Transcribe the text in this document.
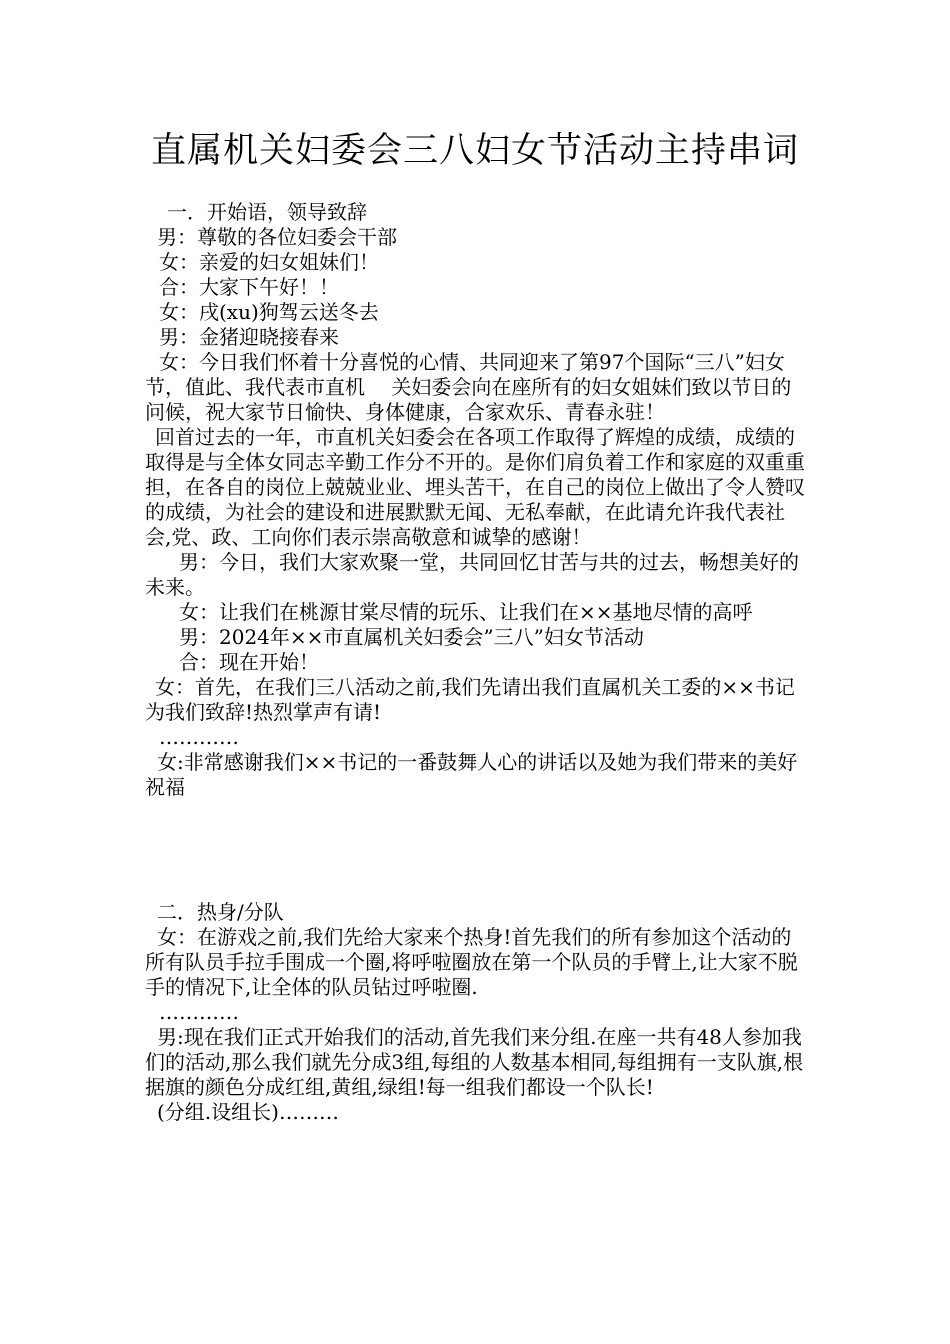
直属机关妇委会三八妇女节活动主持串词

一．开始语，领导致辞

男：尊敬的各位妇委会干部

女：亲爱的妇女姐妹们！

合：大家下午好！！

女：戌(xu)狗驾云送冬去

男：金猪迎晓接春来

女：今日我们怀着十分喜悦的心情、共同迎来了第97个国际“三八”妇女节，值此、我代表市直机　 关妇委会向在座所有的妇女姐妹们致以节日的问候，祝大家节日愉快、身体健康，合家欢乐、青春永驻！

回首过去的一年，市直机关妇委会在各项工作取得了辉煌的成绩，成绩的取得是与全体女同志辛勤工作分不开的。是你们肩负着工作和家庭的双重重担，在各自的岗位上兢兢业业、埋头苦干，在自己的岗位上做出了令人赞叹的成绩，为社会的建设和进展默默无闻、无私奉献，在此请允许我代表社会,党、政、工向你们表示崇高敬意和诚挚的感谢！

男：今日，我们大家欢聚一堂，共同回忆甘苦与共的过去，畅想美好的未来。

女：让我们在桃源甘棠尽情的玩乐、让我们在××基地尽情的高呼

男：2024年××市直属机关妇委会”三八”妇女节活动

合：现在开始！

女：首先，在我们三八活动之前,我们先请出我们直属机关工委的××书记为我们致辞!热烈掌声有请!

…………

女:非常感谢我们××书记的一番鼓舞人心的讲话以及她为我们带来的美好祝福

二．热身/分队

女：在游戏之前,我们先给大家来个热身!首先我们的所有参加这个活动的所有队员手拉手围成一个圈,将呼啦圈放在第一个队员的手臂上,让大家不脱手的情况下,让全体的队员钻过呼啦圈.

…………

男:现在我们正式开始我们的活动,首先我们来分组.在座一共有48人参加我们的活动,那么我们就先分成3组,每组的人数基本相同,每组拥有一支队旗,根据旗的颜色分成红组,黄组,绿组!每一组我们都设一个队长!

(分组.设组长)………
